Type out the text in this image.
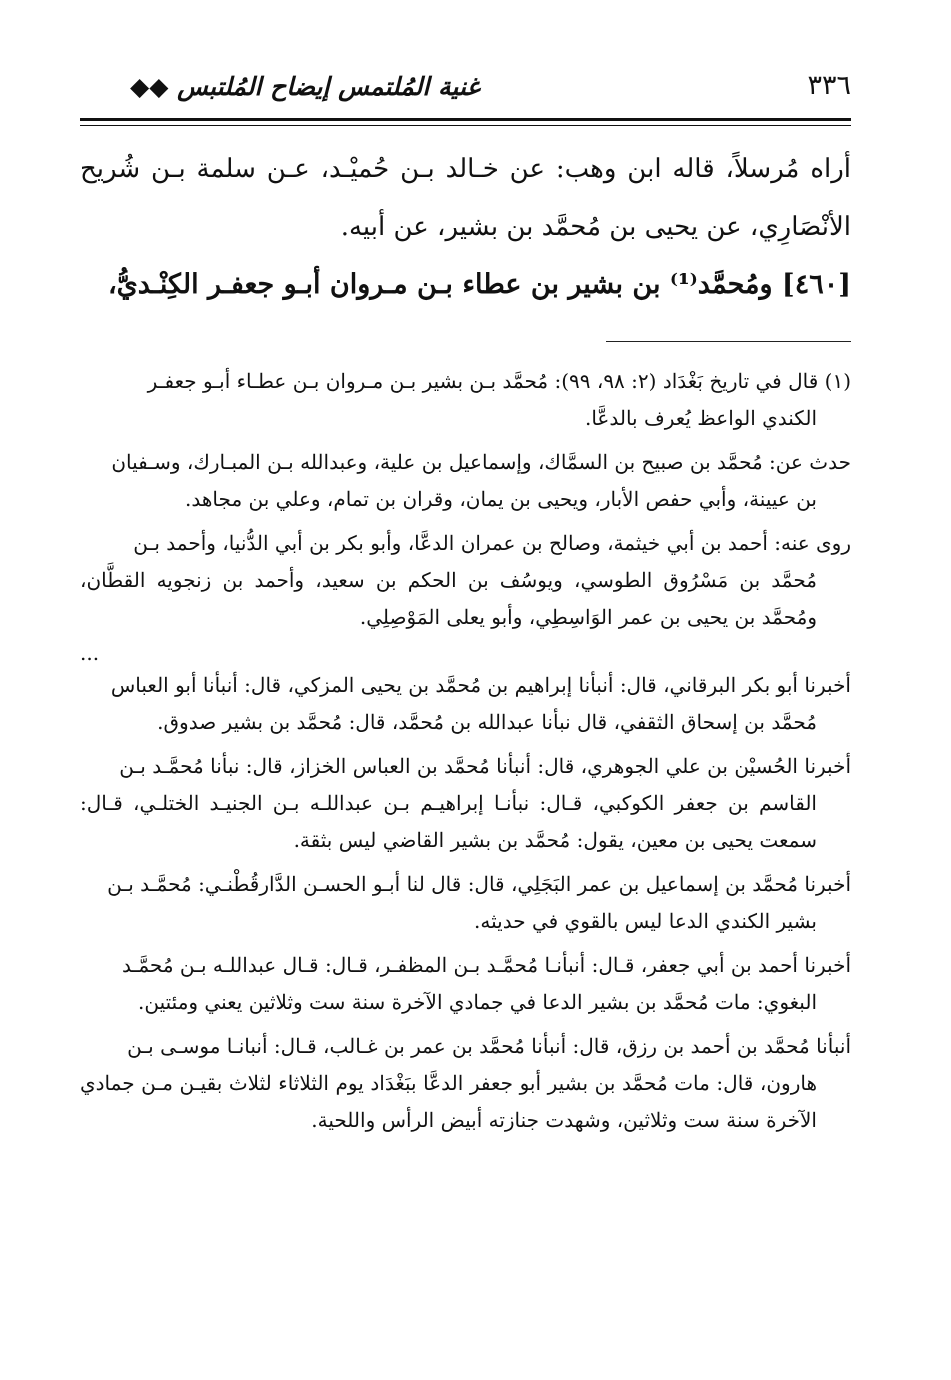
٣٣٦
غنية المُلتمس إيضاح المُلتبس ◆◆

أراه مُرسلاً، قاله ابن وهب: عن خـالد بـن حُميْـد، عـن سلمة بـن شُريح الأنْصَارِي، عن يحيى بن مُحمَّد بن بشير، عن أبيه.

[٤٦٠] ومُحمَّد⁽¹⁾ بن بشير بن عطاء بـن مـروان أبـو جعفـر الكِنْـديُّ،

(١) قال في تاريخ بَغْدَاد (٢: ٩٨، ٩٩): مُحمَّد بـن بشير بـن مـروان بـن عطـاء أبـو جعفـر
الكندي الواعظ يُعرف بالدعَّا.

حدث عن: مُحمَّد بن صبيح بن السمَّاك، وإسماعيل بن علية، وعبدالله بـن المبـارك، وسـفيان
بن عيينة، وأبي حفص الأبار، ويحيى بن يمان، وقران بن تمام، وعلي بن مجاهد.

روى عنه: أحمد بن أبي خيثمة، وصالح بن عمران الدعَّا، وأبو بكر بن أبي الدُّنيا، وأحمد بـن
مُحمَّد بن مَسْرُوق الطوسي، ويوسُف بن الحكم بن سعيد، وأحمد بن زنجويه القطَّان، ومُحمَّد بن يحيى بن عمر الوَاسِطِي، وأبو يعلى المَوْصِلِي.

...

أخبرنا أبو بكر البرقاني، قال: أنبأنا إبراهيم بن مُحمَّد بن يحيى المزكي، قال: أنبأنا أبو العباس
مُحمَّد بن إسحاق الثقفي، قال نبأنا عبدالله بن مُحمَّد، قال: مُحمَّد بن بشير صدوق.

أخبرنا الحُسيْن بن علي الجوهري، قال: أنبأنا مُحمَّد بن العباس الخزاز، قال: نبأنا مُحمَّـد بـن
القاسم بن جعفر الكوكبي، قـال: نبأنـا إبراهيـم بـن عبداللـه بـن الجنيـد الختلـي، قـال: سمعت يحيى بن معين، يقول: مُحمَّد بن بشير القاضي ليس بثقة.

أخبرنا مُحمَّد بن إسماعيل بن عمر البَجَلِي، قال: قال لنا أبـو الحسـن الدَّارقُطْنـي: مُحمَّـد بـن
بشير الكندي الدعا ليس بالقوي في حديثه.

أخبرنا أحمد بن أبي جعفر، قـال: أنبأنـا مُحمَّـد بـن المظفـر، قـال: قـال عبداللـه بـن مُحمَّـد
البغوي: مات مُحمَّد بن بشير الدعا في جمادي الآخرة سنة ست وثلاثين يعني ومئتين.

أنبأنا مُحمَّد بن أحمد بن رزق، قال: أنبأنا مُحمَّد بن عمر بن غـالب، قـال: أنبانـا موسـى بـن
هارون، قال: مات مُحمَّد بن بشير أبو جعفر الدعَّا ببَغْدَاد يوم الثلاثاء لثلاث بقيـن مـن جمادي الآخرة سنة ست وثلاثين، وشهدت جنازته أبيض الرأس واللحية.
